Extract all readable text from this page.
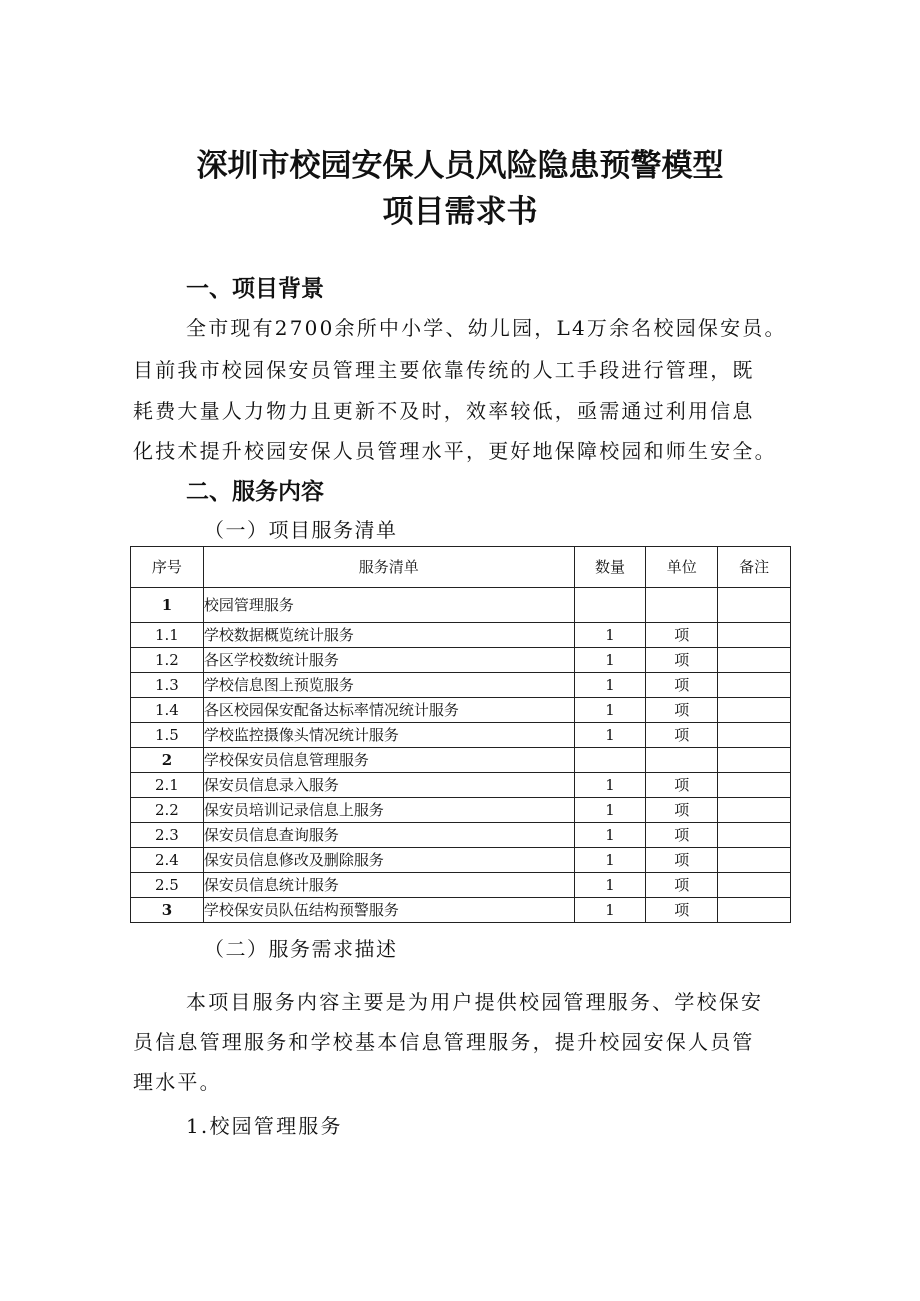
深圳市校园安保人员风险隐患预警模型
项目需求书
一、项目背景
全市现有2700余所中小学、幼儿园，L4万余名校园保安员。
目前我市校园保安员管理主要依靠传统的人工手段进行管理，既
耗费大量人力物力且更新不及时，效率较低，亟需通过利用信息
化技术提升校园安保人员管理水平，更好地保障校园和师生安全。
二、服务内容
（一）项目服务清单
序号	服务清单	数量	单位	备注
1	校园管理服务			
1.1	学校数据概览统计服务	1	项	
1.2	各区学校数统计服务	1	项	
1.3	学校信息图上预览服务	1	项	
1.4	各区校园保安配备达标率情况统计服务	1	项	
1.5	学校监控摄像头情况统计服务	1	项	
2	学校保安员信息管理服务			
2.1	保安员信息录入服务	1	项	
2.2	保安员培训记录信息上服务	1	项	
2.3	保安员信息查询服务	1	项	
2.4	保安员信息修改及删除服务	1	项	
2.5	保安员信息统计服务	1	项	
3	学校保安员队伍结构预警服务	1	项	
（二）服务需求描述
本项目服务内容主要是为用户提供校园管理服务、学校保安
员信息管理服务和学校基本信息管理服务，提升校园安保人员管
理水平。
1.校园管理服务
